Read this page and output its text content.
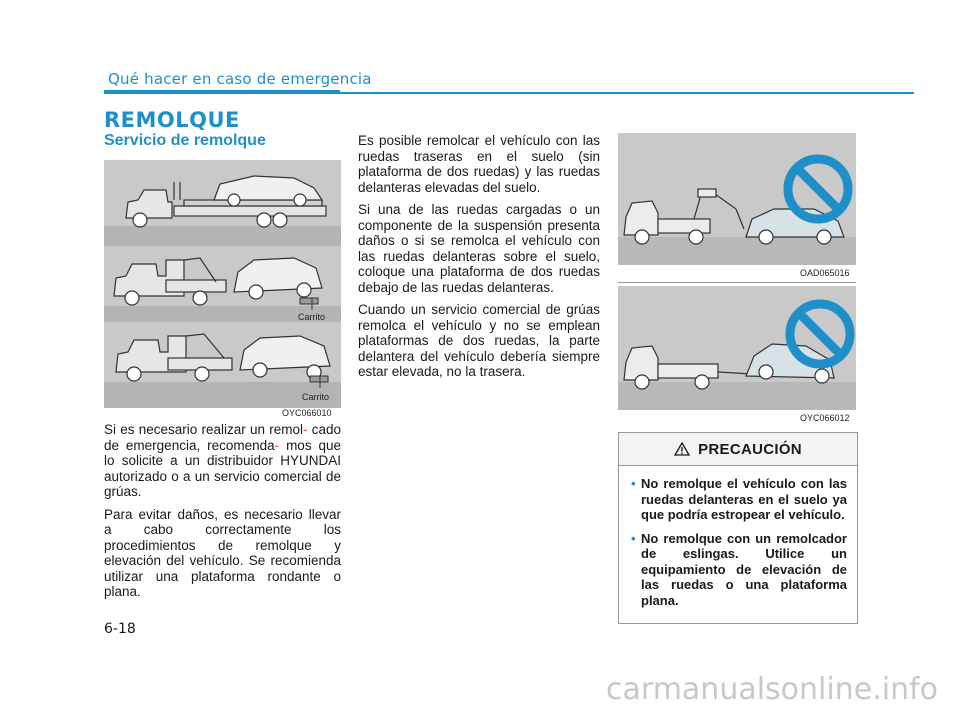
Qué hacer en caso de emergencia
REMOLQUE
Servicio de remolque
Carrito
Carrito
OYC066010

Si es necesario realizar un remol- cado de emergencia, recomenda- mos que lo solicite a un distribuidor HYUNDAI autorizado o a un servicio comercial de grúas.

Para evitar daños, es necesario llevar a cabo correctamente los procedimientos de remolque y elevación del vehículo. Se recomienda utilizar una plataforma rondante o plana.

Es posible remolcar el vehículo con las ruedas traseras en el suelo (sin plataforma de dos ruedas) y las ruedas delanteras elevadas del suelo.

Si una de las ruedas cargadas o un componente de la suspensión presenta daños o si se remolca el vehículo con las ruedas delanteras sobre el suelo, coloque una plataforma de dos ruedas debajo de las ruedas delanteras.

Cuando un servicio comercial de grúas remolca el vehículo y no se emplean plataformas de dos ruedas, la parte delantera del vehículo debería siempre estar elevada, no la trasera.

OAD065016
OYC066012
PRECAUCIÓN
• No remolque el vehículo con las ruedas delanteras en el suelo ya que podría estropear el vehículo.
• No remolque con un remolcador de eslingas. Utilice un equipamiento de elevación de las ruedas o una plataforma plana.
6-18
carmanualsonline.info
